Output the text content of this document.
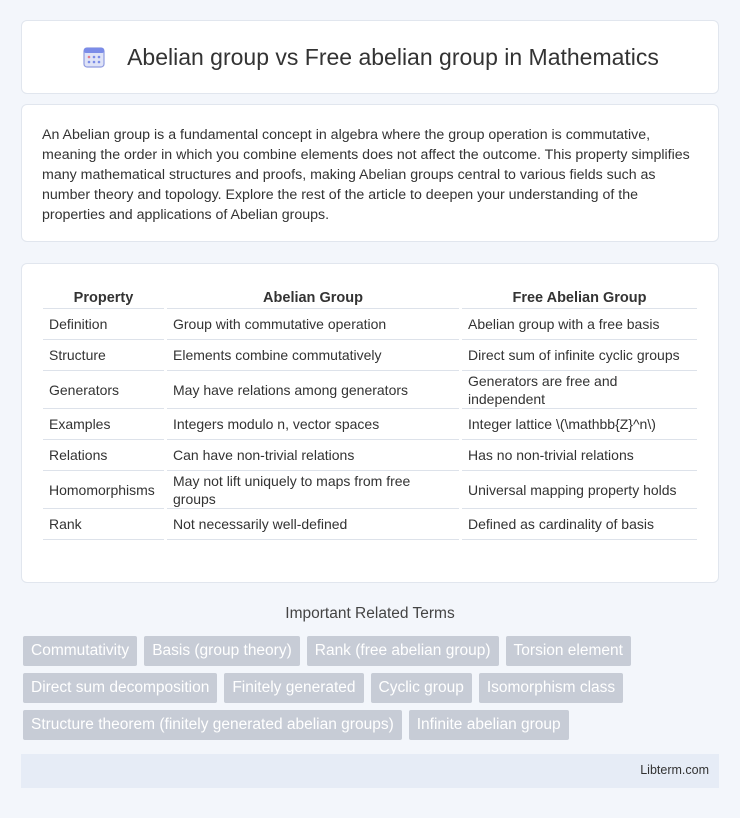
Abelian group vs Free abelian group in Mathematics

An Abelian group is a fundamental concept in algebra where the group operation is commutative, meaning the order in which you combine elements does not affect the outcome. This property simplifies many mathematical structures and proofs, making Abelian groups central to various fields such as number theory and topology. Explore the rest of the article to deepen your understanding of the properties and applications of Abelian groups.

Property	Abelian Group	Free Abelian Group
Definition	Group with commutative operation	Abelian group with a free basis
Structure	Elements combine commutatively	Direct sum of infinite cyclic groups
Generators	May have relations among generators	Generators are free and independent
Examples	Integers modulo n, vector spaces	Integer lattice \(\mathbb{Z}^n\)
Relations	Can have non-trivial relations	Has no non-trivial relations
Homomorphisms	May not lift uniquely to maps from free groups	Universal mapping property holds
Rank	Not necessarily well-defined	Defined as cardinality of basis
Important Related Terms
Commutativity	Basis (group theory)	Rank (free abelian group)	Torsion element
Direct sum decomposition	Finitely generated	Cyclic group	Isomorphism class
Structure theorem (finitely generated abelian groups)	Infinite abelian group
Libterm.com
